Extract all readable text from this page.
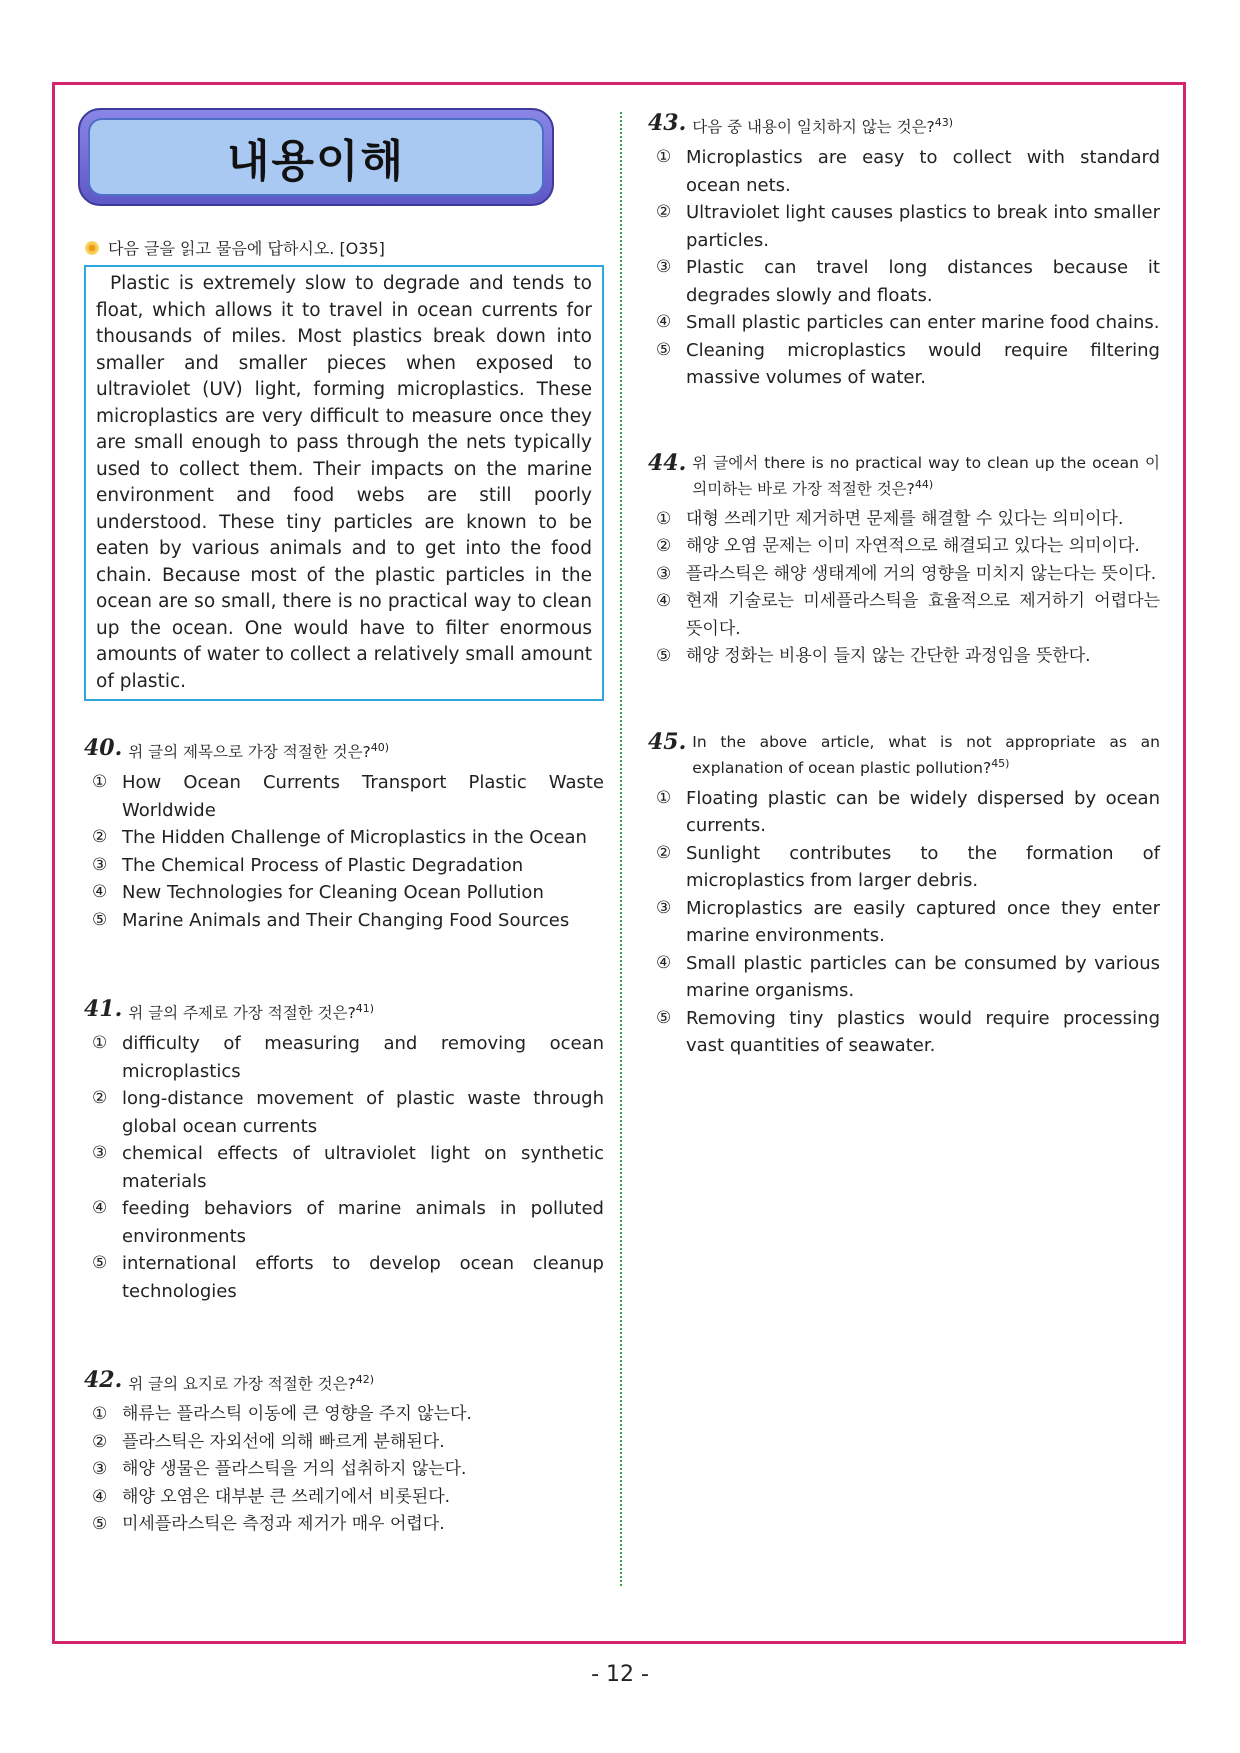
내용이해
다음 글을 읽고 물음에 답하시오. [O35]
Plastic is extremely slow to degrade and tends to float, which allows it to travel in ocean currents for thousands of miles. Most plastics break down into smaller and smaller pieces when exposed to ultraviolet (UV) light, forming microplastics. These microplastics are very difficult to measure once they are small enough to pass through the nets typically used to collect them. Their impacts on the marine environment and food webs are still poorly understood. These tiny particles are known to be eaten by various animals and to get into the food chain. Because most of the plastic particles in the ocean are so small, there is no practical way to clean up the ocean. One would have to filter enormous amounts of water to collect a relatively small amount of plastic.
40. 위 글의 제목으로 가장 적절한 것은?$^{40)}$
① How Ocean Currents Transport Plastic Waste Worldwide
② The Hidden Challenge of Microplastics in the Ocean
③ The Chemical Process of Plastic Degradation
④ New Technologies for Cleaning Ocean Pollution
⑤ Marine Animals and Their Changing Food Sources
41. 위 글의 주제로 가장 적절한 것은?$^{41)}$
① difficulty of measuring and removing ocean microplastics
② long-distance movement of plastic waste through global ocean currents
③ chemical effects of ultraviolet light on synthetic materials
④ feeding behaviors of marine animals in polluted environments
⑤ international efforts to develop ocean cleanup technologies
42. 위 글의 요지로 가장 적절한 것은?$^{42)}$
① 해류는 플라스틱 이동에 큰 영향을 주지 않는다.
② 플라스틱은 자외선에 의해 빠르게 분해된다.
③ 해양 생물은 플라스틱을 거의 섭취하지 않는다.
④ 해양 오염은 대부분 큰 쓰레기에서 비롯된다.
⑤ 미세플라스틱은 측정과 제거가 매우 어렵다.
43. 다음 중 내용이 일치하지 않는 것은?$^{43)}$
① Microplastics are easy to collect with standard ocean nets.
② Ultraviolet light causes plastics to break into smaller particles.
③ Plastic can travel long distances because it degrades slowly and floats.
④ Small plastic particles can enter marine food chains.
⑤ Cleaning microplastics would require filtering massive volumes of water.
44. 위 글에서 there is no practical way to clean up the ocean 이 의미하는 바로 가장 적절한 것은?$^{44)}$
① 대형 쓰레기만 제거하면 문제를 해결할 수 있다는 의미이다.
② 해양 오염 문제는 이미 자연적으로 해결되고 있다는 의미이다.
③ 플라스틱은 해양 생태계에 거의 영향을 미치지 않는다는 뜻이다.
④ 현재 기술로는 미세플라스틱을 효율적으로 제거하기 어렵다는 뜻이다.
⑤ 해양 정화는 비용이 들지 않는 간단한 과정임을 뜻한다.
45. In the above article, what is not appropriate as an explanation of ocean plastic pollution?$^{45)}$
① Floating plastic can be widely dispersed by ocean currents.
② Sunlight contributes to the formation of microplastics from larger debris.
③ Microplastics are easily captured once they enter marine environments.
④ Small plastic particles can be consumed by various marine organisms.
⑤ Removing tiny plastics would require processing vast quantities of seawater.
- 12 -
